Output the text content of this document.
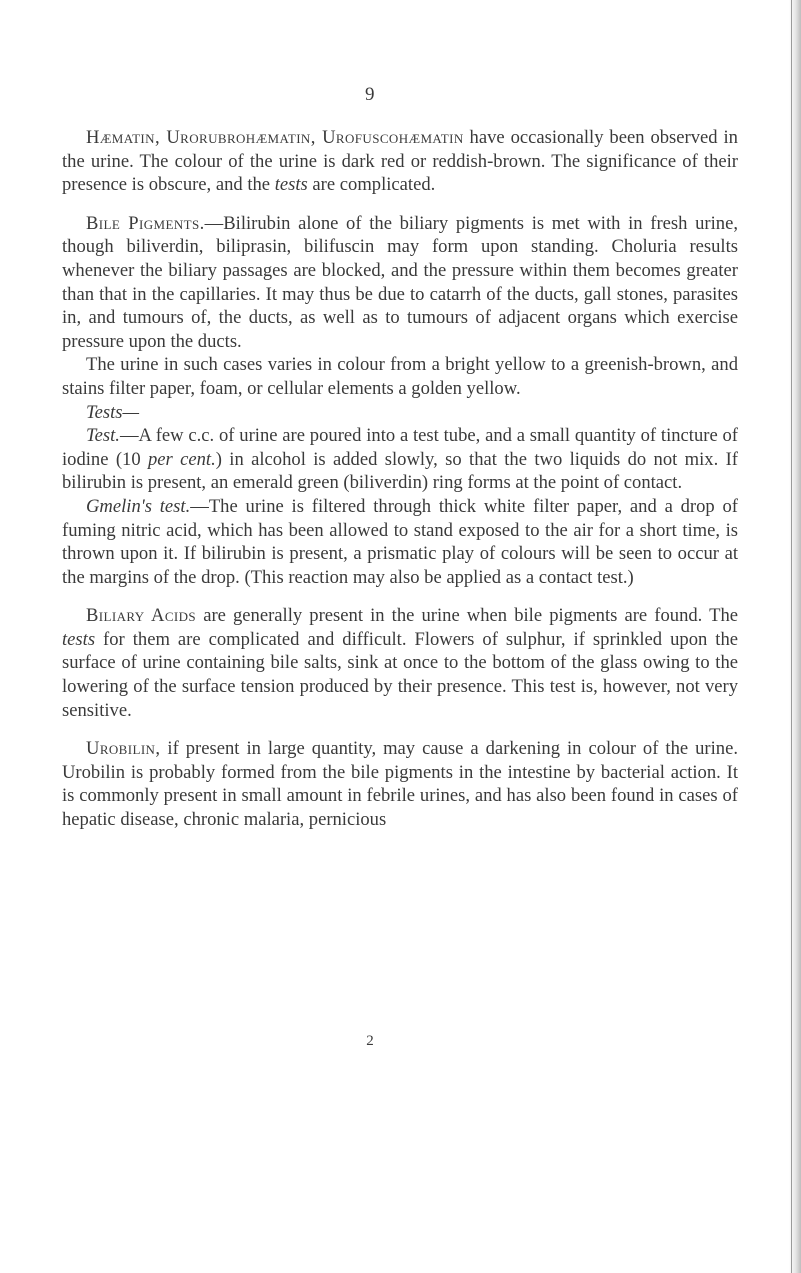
9

Hæmatin, Urorubrohæmatin, Urofuscohæmatin have occasionally been observed in the urine. The colour of the urine is dark red or reddish-brown. The significance of their presence is obscure, and the tests are complicated.

Bile Pigments.—Bilirubin alone of the biliary pigments is met with in fresh urine, though biliverdin, biliprasin, bilifuscin may form upon standing. Choluria results whenever the biliary passages are blocked, and the pressure within them becomes greater than that in the capillaries. It may thus be due to catarrh of the ducts, gall stones, parasites in, and tumours of, the ducts, as well as to tumours of adjacent organs which exercise pressure upon the ducts.

The urine in such cases varies in colour from a bright yellow to a greenish-brown, and stains filter paper, foam, or cellular elements a golden yellow.

Tests—

Test.—A few c.c. of urine are poured into a test tube, and a small quantity of tincture of iodine (10 per cent.) in alcohol is added slowly, so that the two liquids do not mix. If bilirubin is present, an emerald green (biliverdin) ring forms at the point of contact.

Gmelin's test.—The urine is filtered through thick white filter paper, and a drop of fuming nitric acid, which has been allowed to stand exposed to the air for a short time, is thrown upon it. If bilirubin is present, a prismatic play of colours will be seen to occur at the margins of the drop. (This reaction may also be applied as a contact test.)

Biliary Acids are generally present in the urine when bile pigments are found. The tests for them are complicated and difficult. Flowers of sulphur, if sprinkled upon the surface of urine containing bile salts, sink at once to the bottom of the glass owing to the lowering of the surface tension produced by their presence. This test is, however, not very sensitive.

Urobilin, if present in large quantity, may cause a darkening in colour of the urine. Urobilin is probably formed from the bile pigments in the intestine by bacterial action. It is commonly present in small amount in febrile urines, and has also been found in cases of hepatic disease, chronic malaria, pernicious

2
